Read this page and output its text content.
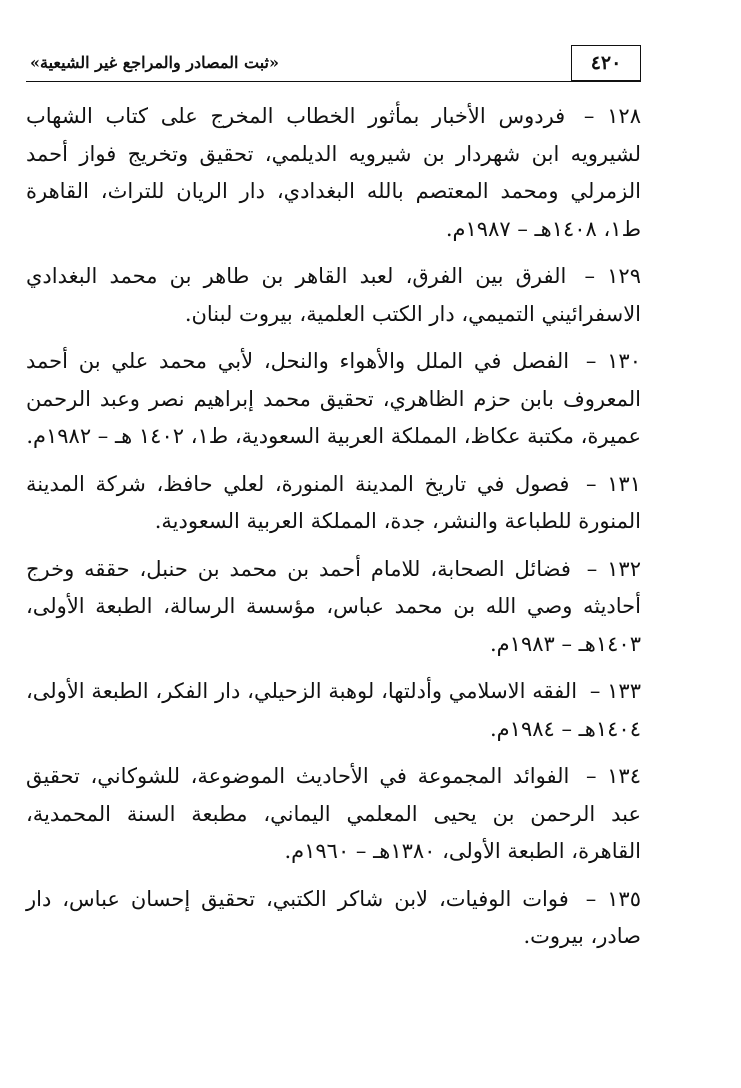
٤٢٠
«ثبت المصادر والمراجع غير الشيعية»

١٢٨ – فردوس الأخبار بمأثور الخطاب المخرج على كتاب الشهاب لشيرويه ابن شهردار بن شيرويه الديلمي، تحقيق وتخريج فواز أحمد الزمرلي ومحمد المعتصم بالله البغدادي، دار الريان للتراث، القاهرة ط١، ١٤٠٨هـ – ١٩٨٧م.

١٢٩ – الفرق بين الفرق، لعبد القاهر بن طاهر بن محمد البغدادي الاسفرائيني التميمي، دار الكتب العلمية، بيروت لبنان.

١٣٠ – الفصل في الملل والأهواء والنحل، لأبي محمد علي بن أحمد المعروف بابن حزم الظاهري، تحقيق محمد إبراهيم نصر وعبد الرحمن عميرة، مكتبة عكاظ، المملكة العربية السعودية، ط١، ١٤٠٢ هـ – ١٩٨٢م.

١٣١ – فصول في تاريخ المدينة المنورة، لعلي حافظ، شركة المدينة المنورة للطباعة والنشر، جدة، المملكة العربية السعودية.

١٣٢ – فضائل الصحابة، للامام أحمد بن محمد بن حنبل، حققه وخرج أحاديثه وصي الله بن محمد عباس، مؤسسة الرسالة، الطبعة الأولى، ١٤٠٣هـ – ١٩٨٣م.

١٣٣ – الفقه الاسلامي وأدلتها، لوهبة الزحيلي، دار الفكر، الطبعة الأولى، ١٤٠٤هـ – ١٩٨٤م.

١٣٤ – الفوائد المجموعة في الأحاديث الموضوعة، للشوكاني، تحقيق عبد الرحمن بن يحيى المعلمي اليماني، مطبعة السنة المحمدية، القاهرة، الطبعة الأولى، ١٣٨٠هـ – ١٩٦٠م.

١٣٥ – فوات الوفيات، لابن شاكر الكتبي، تحقيق إحسان عباس، دار صادر، بيروت.
